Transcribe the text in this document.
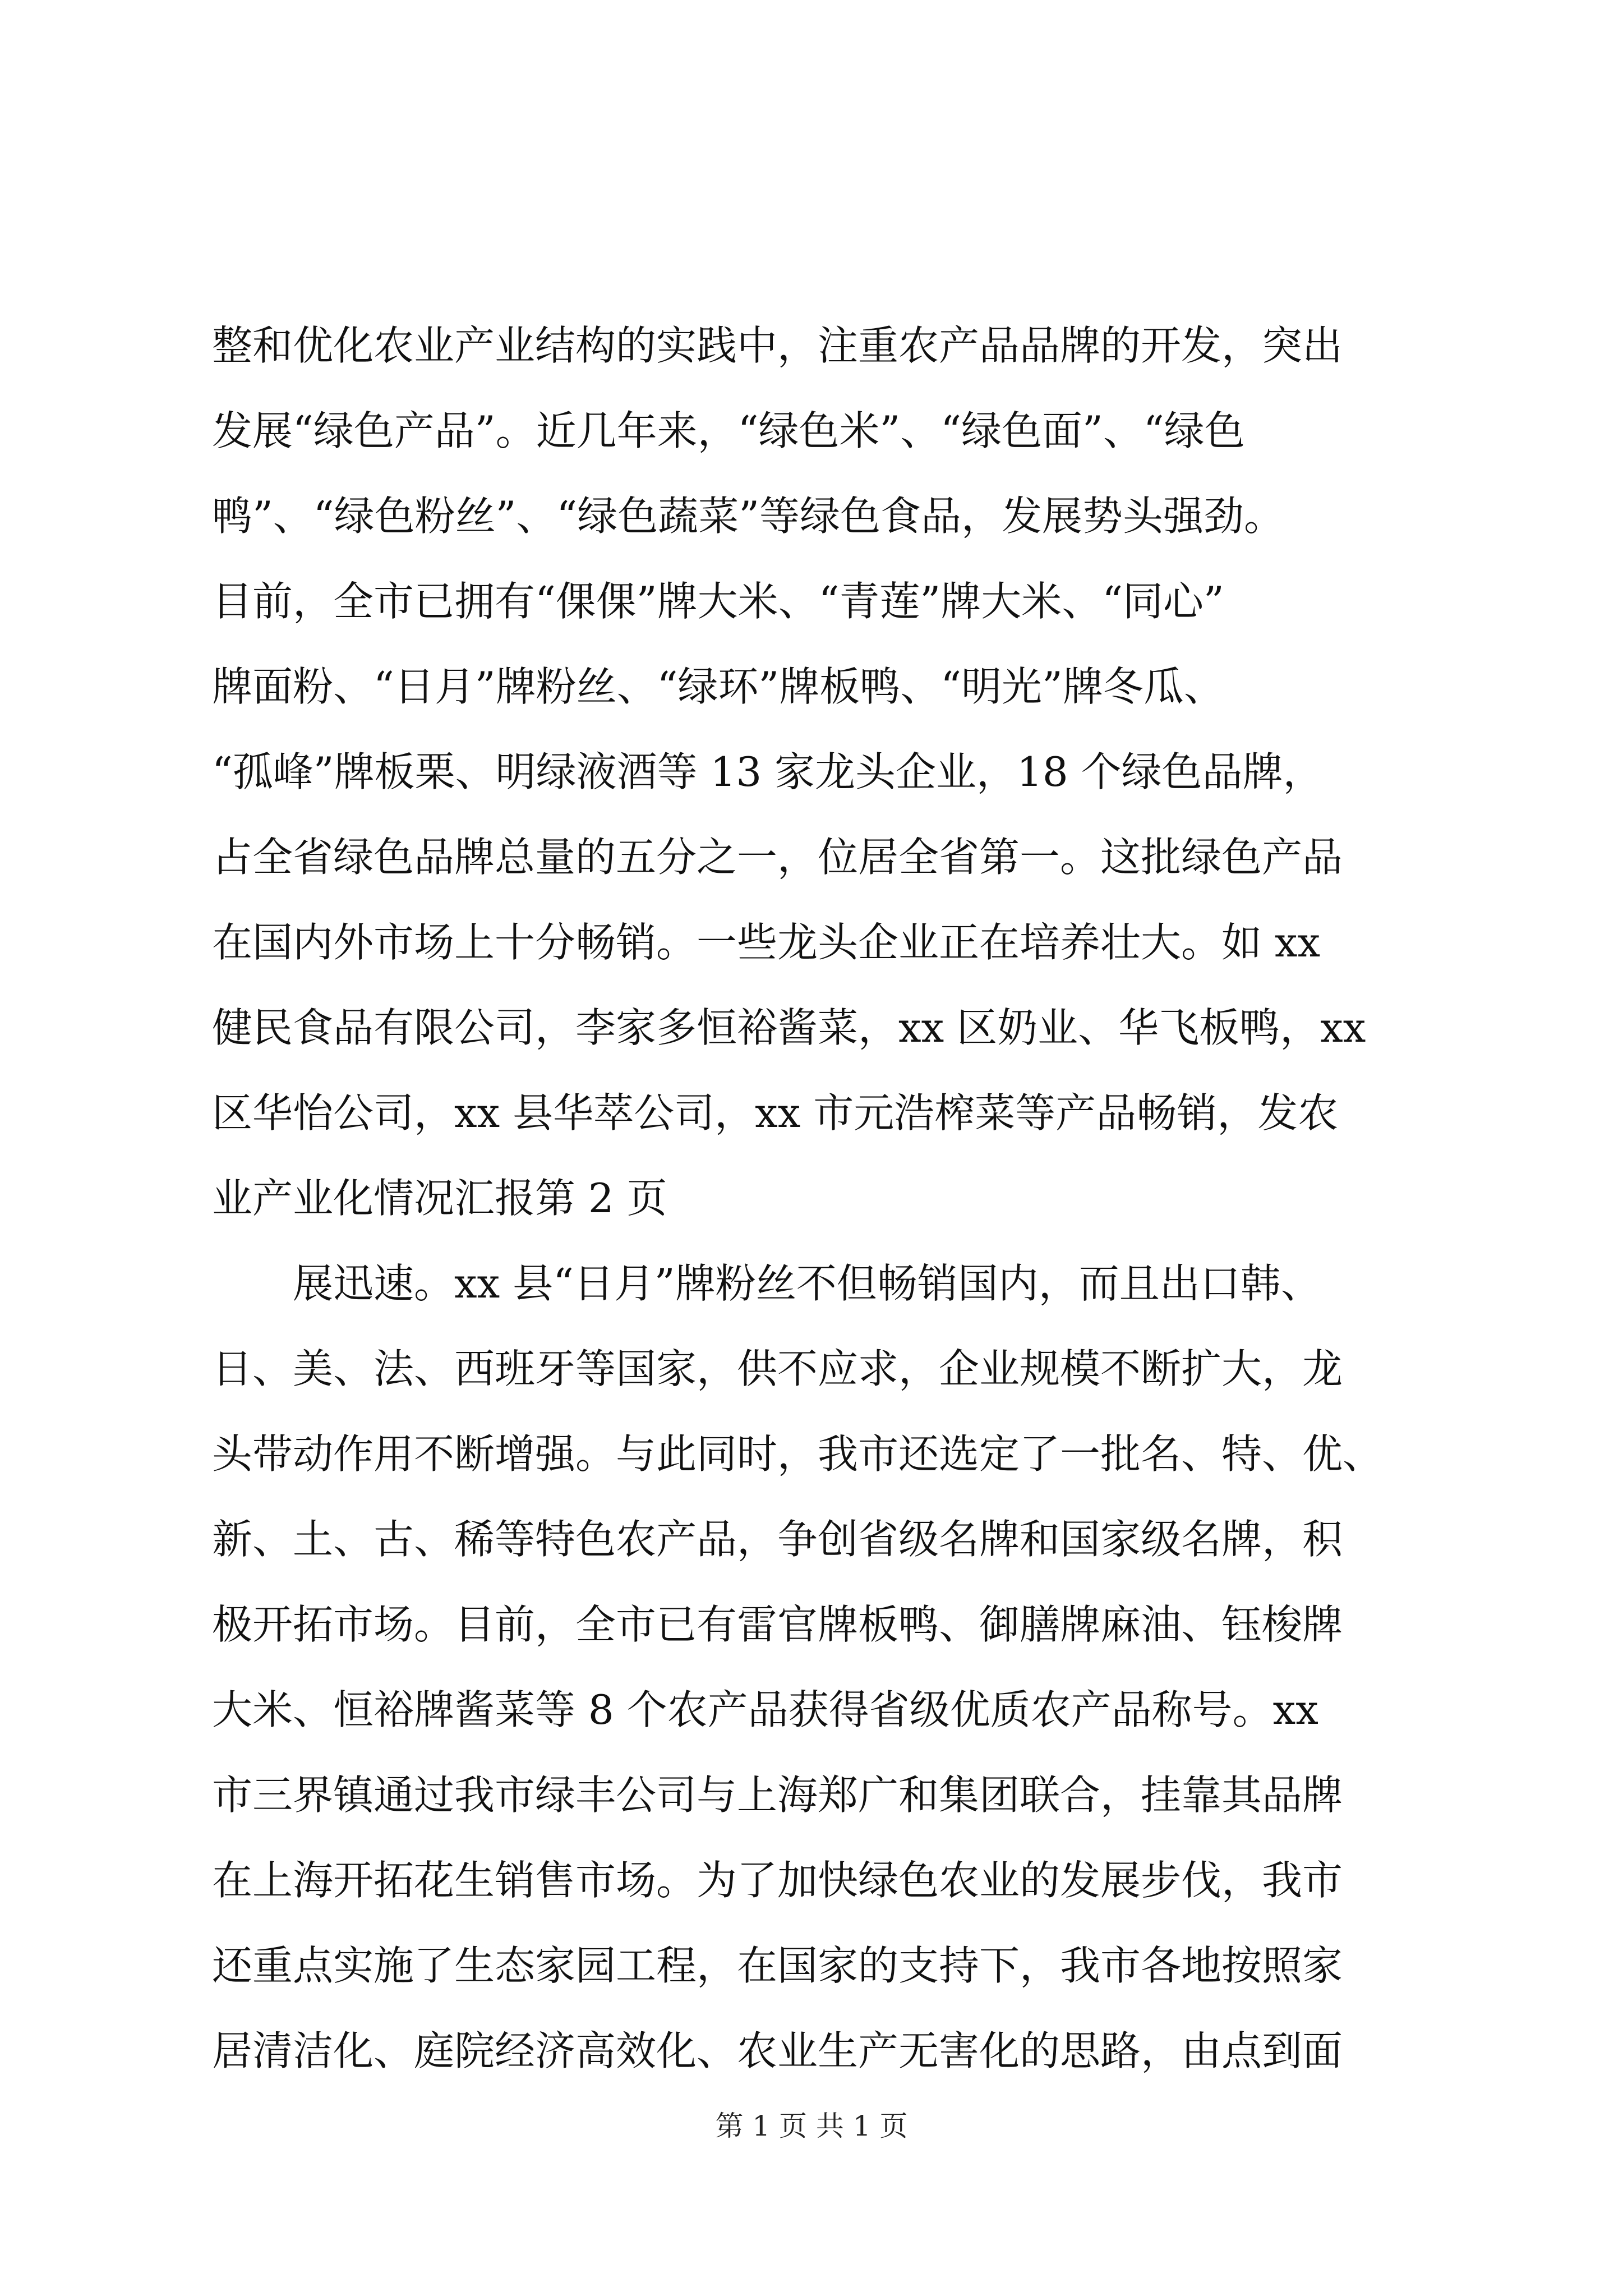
整和优化农业产业结构的实践中，注重农产品品牌的开发，突出
发展“绿色产品”。近几年来，“绿色米”、“绿色面”、“绿色
鸭”、“绿色粉丝”、“绿色蔬菜”等绿色食品，发展势头强劲。
目前，全市已拥有“倮倮”牌大米、“青莲”牌大米、“同心”
牌面粉、“日月”牌粉丝、“绿环”牌板鸭、“明光”牌冬瓜、
“孤峰”牌板栗、明绿液酒等 13 家龙头企业，18 个绿色品牌，
占全省绿色品牌总量的五分之一，位居全省第一。这批绿色产品
在国内外市场上十分畅销。一些龙头企业正在培养壮大。如 xx
健民食品有限公司，李家多恒裕酱菜，xx 区奶业、华飞板鸭，xx
区华怡公司，xx 县华萃公司，xx 市元浩榨菜等产品畅销，发农
业产业化情况汇报第 2 页
展迅速。xx 县“日月”牌粉丝不但畅销国内，而且出口韩、
日、美、法、西班牙等国家，供不应求，企业规模不断扩大，龙
头带动作用不断增强。与此同时，我市还选定了一批名、特、优、
新、土、古、稀等特色农产品，争创省级名牌和国家级名牌，积
极开拓市场。目前，全市已有雷官牌板鸭、御膳牌麻油、钰梭牌
大米、恒裕牌酱菜等 8 个农产品获得省级优质农产品称号。xx
市三界镇通过我市绿丰公司与上海郑广和集团联合，挂靠其品牌
在上海开拓花生销售市场。为了加快绿色农业的发展步伐，我市
还重点实施了生态家园工程，在国家的支持下，我市各地按照家
居清洁化、庭院经济高效化、农业生产无害化的思路，由点到面
第 1 页 共 1 页
